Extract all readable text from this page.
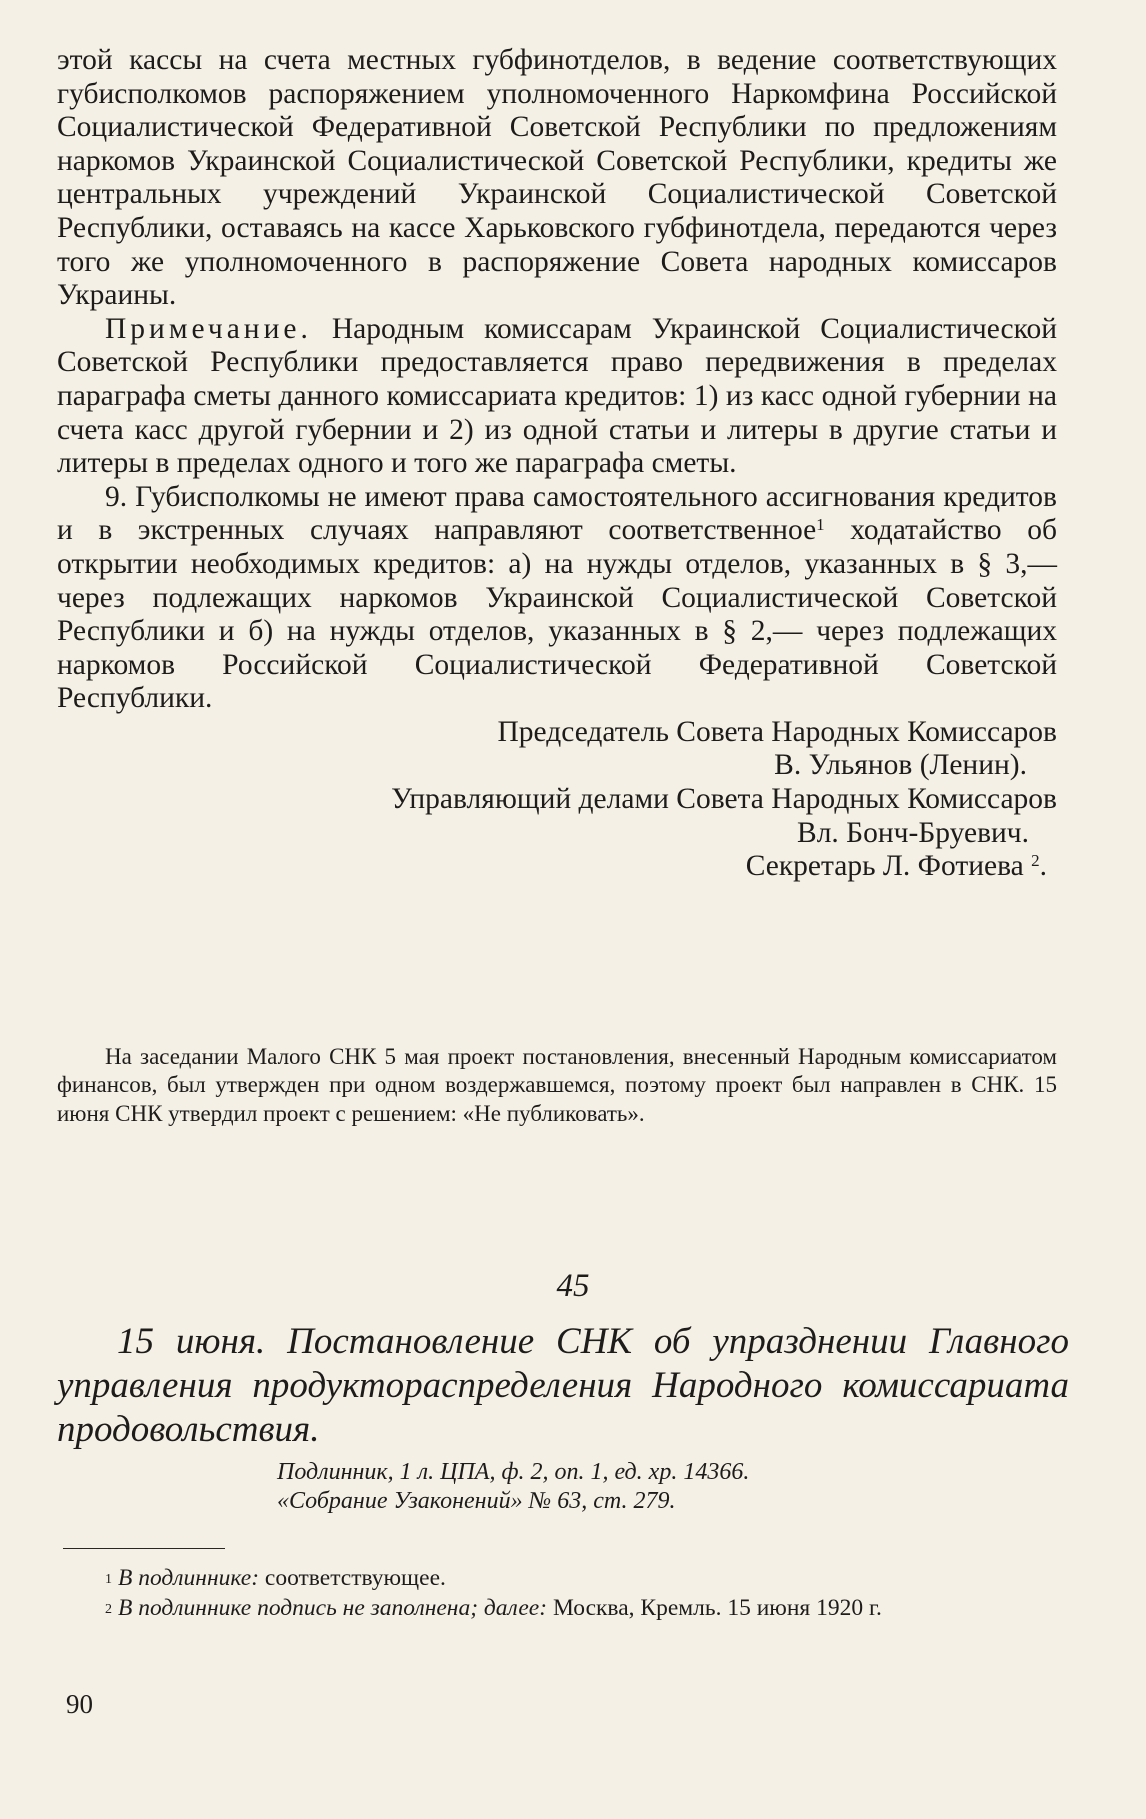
этой кассы на счета местных губфинотделов, в ведение соответствующих губисполкомов распоряжением уполномоченного Наркомфина Российской Социалистической Федеративной Советской Республики по предложениям наркомов Украинской Социалистической Советской Республики, кредиты же центральных учреждений Украинской Социалистической Советской Республики, оставаясь на кассе Харьковского губфинотдела, передаются через того же уполномоченного в распоряжение Совета народных комиссаров Украины.

Примечание. Народным комиссарам Украинской Социалистической Советской Республики предоставляется право передвижения в пределах параграфа сметы данного комиссариата кредитов: 1) из касс одной губернии на счета касс другой губернии и 2) из одной статьи и литеры в другие статьи и литеры в пределах одного и того же параграфа сметы.

9. Губисполкомы не имеют права самостоятельного ассигнования кредитов и в экстренных случаях направляют соответственное$^1$ ходатайство об открытии необходимых кредитов: а) на нужды отделов, указанных в § 3,— через подлежащих наркомов Украинской Социалистической Советской Республики и б) на нужды отделов, указанных в § 2,— через подлежащих наркомов Российской Социалистической Федеративной Советской Республики.

Председатель Совета Народных Комиссаров

В. Ульянов (Ленин).

Управляющий делами Совета Народных Комиссаров

Вл. Бонч-Бруевич.

Секретарь Л. Фотиева $^2$.

На заседании Малого СНК 5 мая проект постановления, внесенный Народным комиссариатом финансов, был утвержден при одном воздержавшемся, поэтому проект был направлен в СНК. 15 июня СНК утвердил проект с решением: «Не публиковать».

45

15 июня. Постановление СНК об упразднении Главного управления продукторaспределения Народного комиссариата продовольствия.

Подлинник, 1 л. ЦПА, ф. 2, оп. 1, ед. хр. 14366.
«Собрание Узаконений» № 63, ст. 279.

1 В подлиннике: соответствующее.

2 В подлиннике подпись не заполнена; далее: Москва, Кремль. 15 июня 1920 г.

90
